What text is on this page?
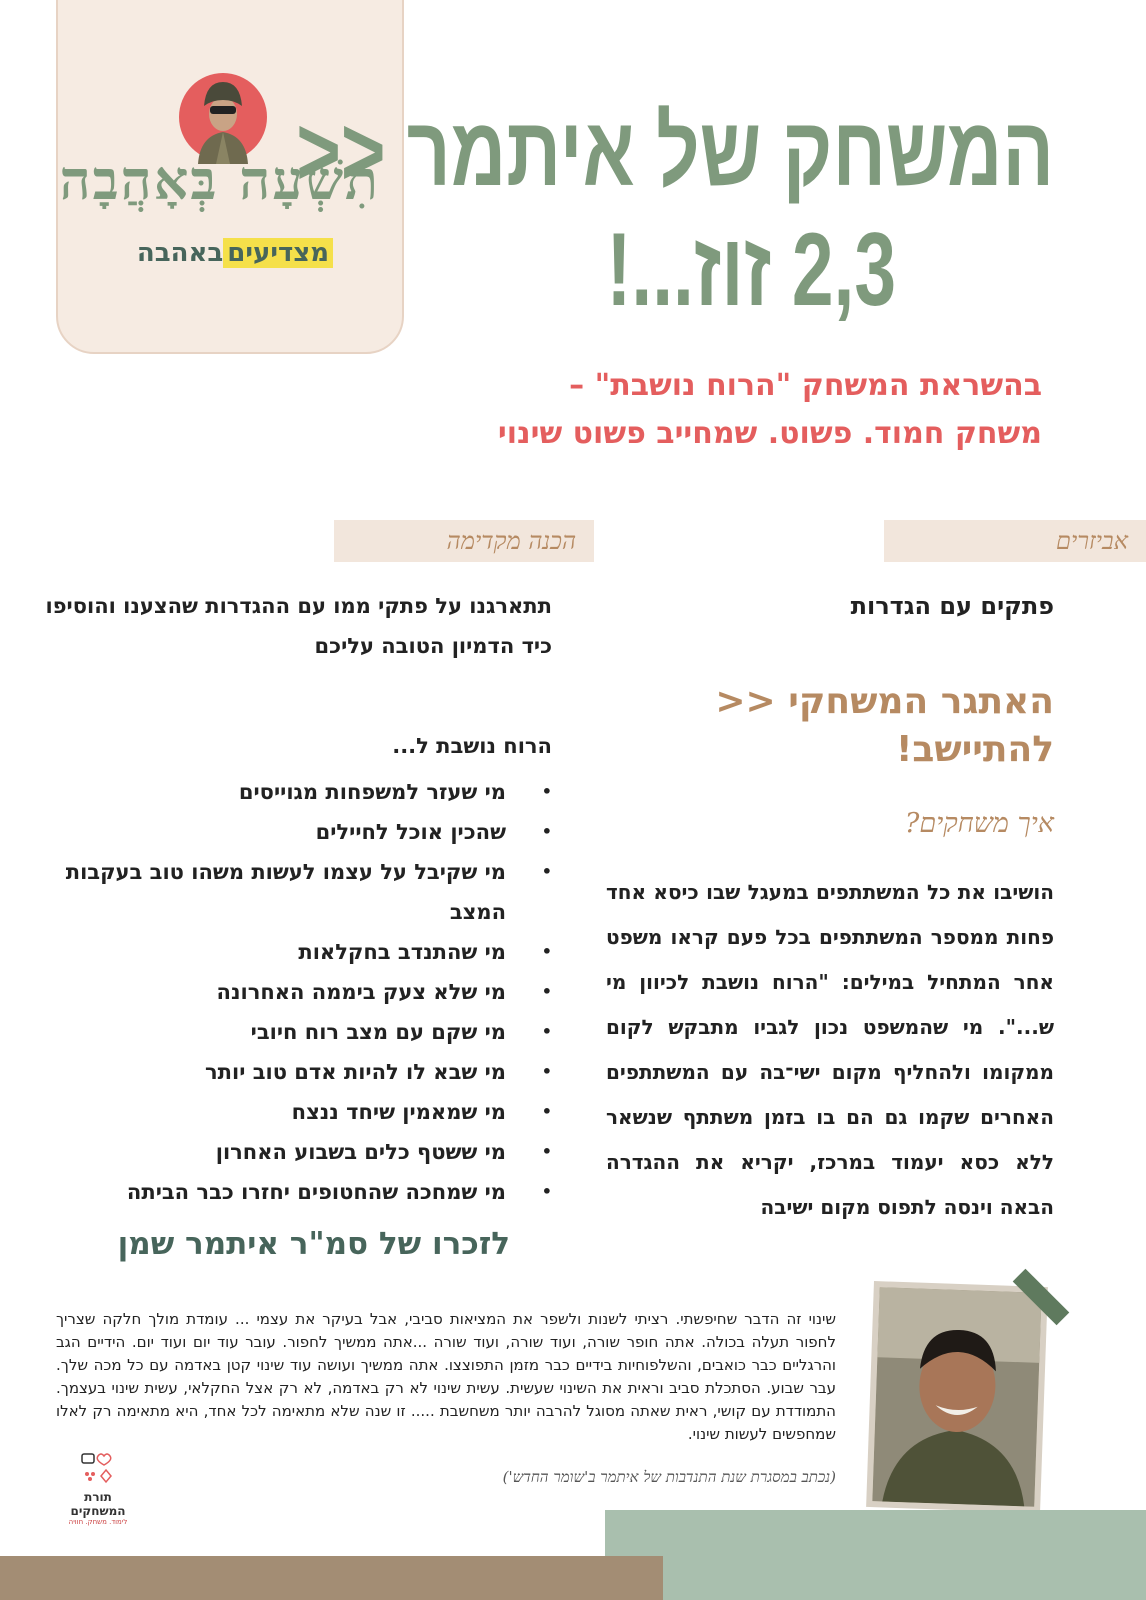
תִשְׁעָה בְּאָהֲבָה
מצדיעיםבאהבה
המשחק של איתמר <<
2,3 זוז...!
בהשראת המשחק "הרוח נושבת" –
משחק חמוד. פשוט. שמחייב פשוט שינוי
אביזרים
הכנה מקדימה
פתקים עם הגדרות
תתארגנו על פתקי ממו עם ההגדרות שהצענו והוסיפו כיד הדמיון הטובה עליכם
האתגר המשחקי << להתיישב!
איך משחקים?
הושיבו את כל המשתתפים במעגל שבו כיסא אחד פחות ממספר המשתתפים בכל פעם קראו משפט אחר המתחיל במילים: "הרוח נושבת לכיוון מי ש...". מי שהמשפט נכון לגביו מתבקש לקום ממקומו ולהחליף מקום ישי־בה עם המשתתפים האחרים שקמו גם הם בו בזמן משתתף שנשאר ללא כסא יעמוד במרכז, יקריא את ההגדרה הבאה וינסה לתפוס מקום ישיבה
הרוח נושבת ל...
• מי שעזר למשפחות מגוייסים
• שהכין אוכל לחיילים
• מי שקיבל על עצמו לעשות משהו טוב בעקבות המצב
• מי שהתנדב בחקלאות
• מי שלא צעק ביממה האחרונה
• מי שקם עם מצב רוח חיובי
• מי שבא לו להיות אדם טוב יותר
• מי שמאמין שיחד ננצח
• מי ששטף כלים בשבוע האחרון
• מי שמחכה שהחטופים יחזרו כבר הביתה
לזכרו של סמ"ר איתמר שמן
שינוי זה הדבר שחיפשתי. רציתי לשנות ולשפר את המציאות סביבי, אבל בעיקר את עצמי ... עומדת מולך חלקה שצריך לחפור תעלה בכולה. אתה חופר שורה, ועוד שורה, ועוד שורה ...אתה ממשיך לחפור. עובר עוד יום ועוד יום. הידיים הגב והרגליים כבר כואבים, והשלפוחיות בידיים כבר מזמן התפוצצו. אתה ממשיך ועושה עוד שינוי קטן באדמה עם כל מכה שלך. עבר שבוע. הסתכלת סביב וראית את השינוי שעשית. עשית שינוי לא רק באדמה, לא רק אצל החקלאי, עשית שינוי בעצמך. התמודדת עם קושי, ראית שאתה מסוגל להרבה יותר משחשבת ..... זו שנה שלא מתאימה לכל אחד, היא מתאימה רק לאלו שמחפשים לעשות שינוי.
(נכתב במסגרת שנת התנדבות של איתמר ב'שומר החדש')
תורת
המשחקים
לימוד. משחק. חוויה
